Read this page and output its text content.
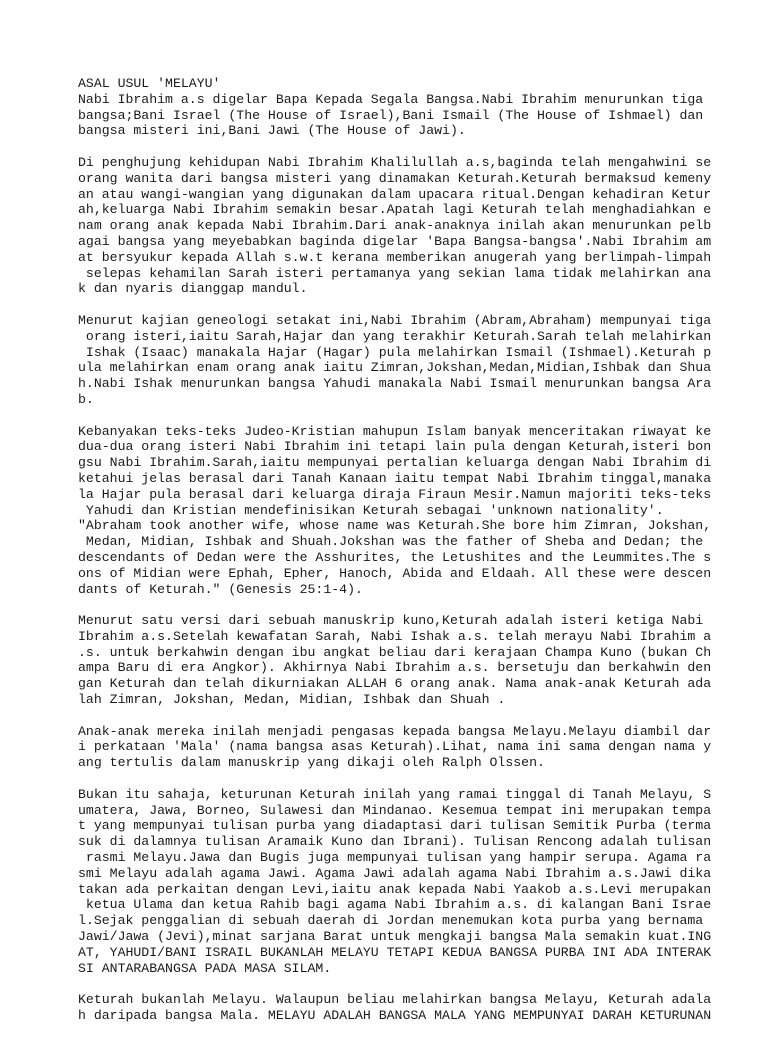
ASAL USUL 'MELAYU'
Nabi Ibrahim a.s digelar Bapa Kepada Segala Bangsa.Nabi Ibrahim menurunkan tiga
bangsa;Bani Israel (The House of Israel),Bani Ismail (The House of Ishmael) dan
bangsa misteri ini,Bani Jawi (The House of Jawi).
Di penghujung kehidupan Nabi Ibrahim Khalilullah a.s,baginda telah mengahwini se
orang wanita dari bangsa misteri yang dinamakan Keturah.Keturah bermaksud kemeny
an atau wangi-wangian yang digunakan dalam upacara ritual.Dengan kehadiran Ketur
ah,keluarga Nabi Ibrahim semakin besar.Apatah lagi Keturah telah menghadiahkan e
nam orang anak kepada Nabi Ibrahim.Dari anak-anaknya inilah akan menurunkan pelb
agai bangsa yang meyebabkan baginda digelar 'Bapa Bangsa-bangsa'.Nabi Ibrahim am
at bersyukur kepada Allah s.w.t kerana memberikan anugerah yang berlimpah-limpah
selepas kehamilan Sarah isteri pertamanya yang sekian lama tidak melahirkan ana
k dan nyaris dianggap mandul.
Menurut kajian geneologi setakat ini,Nabi Ibrahim (Abram,Abraham) mempunyai tiga
orang isteri,iaitu Sarah,Hajar dan yang terakhir Keturah.Sarah telah melahirkan
Ishak (Isaac) manakala Hajar (Hagar) pula melahirkan Ismail (Ishmael).Keturah p
ula melahirkan enam orang anak iaitu Zimran,Jokshan,Medan,Midian,Ishbak dan Shua
h.Nabi Ishak menurunkan bangsa Yahudi manakala Nabi Ismail menurunkan bangsa Ara
b.
Kebanyakan teks-teks Judeo-Kristian mahupun Islam banyak menceritakan riwayat ke
dua-dua orang isteri Nabi Ibrahim ini tetapi lain pula dengan Keturah,isteri bon
gsu Nabi Ibrahim.Sarah,iaitu mempunyai pertalian keluarga dengan Nabi Ibrahim di
ketahui jelas berasal dari Tanah Kanaan iaitu tempat Nabi Ibrahim tinggal,manaka
la Hajar pula berasal dari keluarga diraja Firaun Mesir.Namun majoriti teks-teks
Yahudi dan Kristian mendefinisikan Keturah sebagai 'unknown nationality'.
"Abraham took another wife, whose name was Keturah.She bore him Zimran, Jokshan,
Medan, Midian, Ishbak and Shuah.Jokshan was the father of Sheba and Dedan; the
descendants of Dedan were the Asshurites, the Letushites and the Leummites.The s
ons of Midian were Ephah, Epher, Hanoch, Abida and Eldaah. All these were descen
dants of Keturah." (Genesis 25:1-4).
Menurut satu versi dari sebuah manuskrip kuno,Keturah adalah isteri ketiga Nabi
Ibrahim a.s.Setelah kewafatan Sarah, Nabi Ishak a.s. telah merayu Nabi Ibrahim a
.s. untuk berkahwin dengan ibu angkat beliau dari kerajaan Champa Kuno (bukan Ch
ampa Baru di era Angkor). Akhirnya Nabi Ibrahim a.s. bersetuju dan berkahwin den
gan Keturah dan telah dikurniakan ALLAH 6 orang anak. Nama anak-anak Keturah ada
lah Zimran, Jokshan, Medan, Midian, Ishbak dan Shuah .
Anak-anak mereka inilah menjadi pengasas kepada bangsa Melayu.Melayu diambil dar
i perkataan 'Mala' (nama bangsa asas Keturah).Lihat, nama ini sama dengan nama y
ang tertulis dalam manuskrip yang dikaji oleh Ralph Olssen.
Bukan itu sahaja, keturunan Keturah inilah yang ramai tinggal di Tanah Melayu, S
umatera, Jawa, Borneo, Sulawesi dan Mindanao. Kesemua tempat ini merupakan tempa
t yang mempunyai tulisan purba yang diadaptasi dari tulisan Semitik Purba (terma
suk di dalamnya tulisan Aramaik Kuno dan Ibrani). Tulisan Rencong adalah tulisan
rasmi Melayu.Jawa dan Bugis juga mempunyai tulisan yang hampir serupa. Agama ra
smi Melayu adalah agama Jawi. Agama Jawi adalah agama Nabi Ibrahim a.s.Jawi dika
takan ada perkaitan dengan Levi,iaitu anak kepada Nabi Yaakob a.s.Levi merupakan
ketua Ulama dan ketua Rahib bagi agama Nabi Ibrahim a.s. di kalangan Bani Israe
l.Sejak penggalian di sebuah daerah di Jordan menemukan kota purba yang bernama
Jawi/Jawa (Jevi),minat sarjana Barat untuk mengkaji bangsa Mala semakin kuat.ING
AT, YAHUDI/BANI ISRAIL BUKANLAH MELAYU TETAPI KEDUA BANGSA PURBA INI ADA INTERAK
SI ANTARABANGSA PADA MASA SILAM.
Keturah bukanlah Melayu. Walaupun beliau melahirkan bangsa Melayu, Keturah adala
h daripada bangsa Mala. MELAYU ADALAH BANGSA MALA YANG MEMPUNYAI DARAH KETURUNAN
